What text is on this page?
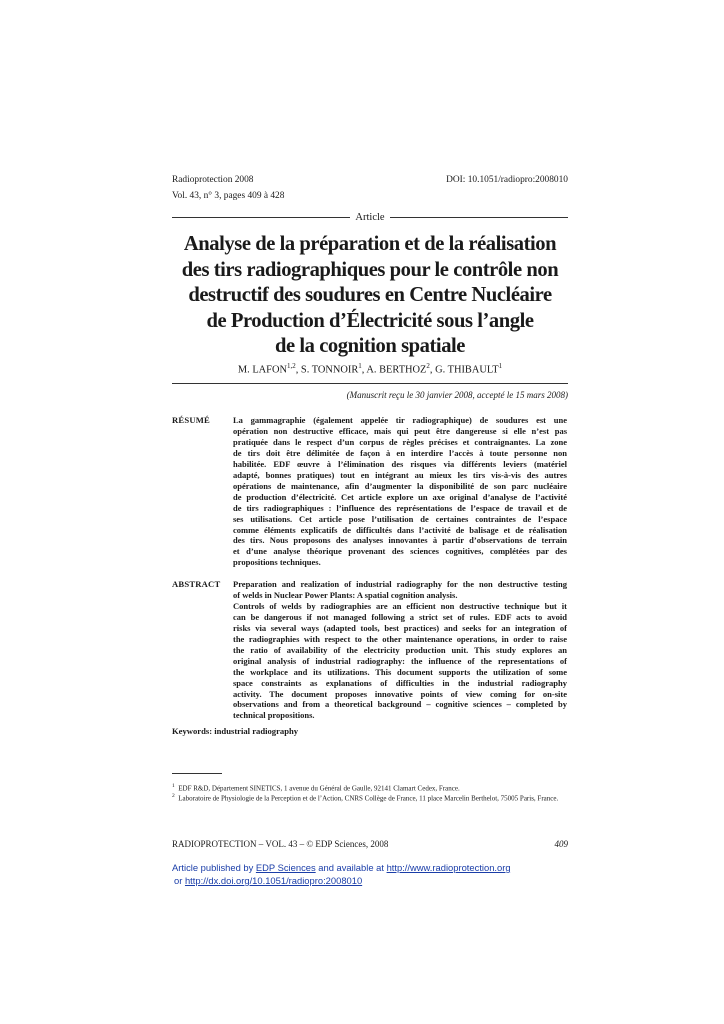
Radioprotection 2008
Vol. 43, n° 3, pages 409 à 428
DOI: 10.1051/radiopro:2008010
Article
Analyse de la préparation et de la réalisation
des tirs radiographiques pour le contrôle non
destructif des soudures en Centre Nucléaire
de Production d’Électricité sous l’angle
de la cognition spatiale
M. LAFON$^{1,2}$, S. TONNOIR$^1$, A. BERTHOZ$^2$, G. THIBAULT$^1$
(Manuscrit reçu le 30 janvier 2008, accepté le 15 mars 2008)
RÉSUMÉ	La gammagraphie (également appelée tir radiographique) de soudures est une
opération non destructive efficace, mais qui peut être dangereuse si elle n’est pas
pratiquée dans le respect d’un corpus de règles précises et contraignantes. La zone
de tirs doit être délimitée de façon à en interdire l’accès à toute personne non
habilitée. EDF œuvre à l’élimination des risques via différents leviers (matériel
adapté, bonnes pratiques) tout en intégrant au mieux les tirs vis-à-vis des autres
opérations de maintenance, afin d’augmenter la disponibilité de son parc nucléaire
de production d’électricité. Cet article explore un axe original d’analyse de l’activité
de tirs radiographiques : l’influence des représentations de l’espace de travail et de
ses utilisations. Cet article pose l’utilisation de certaines contraintes de l’espace
comme éléments explicatifs de difficultés dans l’activité de balisage et de réalisation
des tirs. Nous proposons des analyses innovantes à partir d’observations de terrain
et d’une analyse théorique provenant des sciences cognitives, complétées par des
propositions techniques.
ABSTRACT Preparation and realization of industrial radiography for the non destructive testing
of welds in Nuclear Power Plants: A spatial cognition analysis.
Controls of welds by radiographies are an efficient non destructive technique but it
can be dangerous if not managed following a strict set of rules. EDF acts to avoid
risks via several ways (adapted tools, best practices) and seeks for an integration of
the radiographies with respect to the other maintenance operations, in order to raise
the ratio of availability of the electricity production unit. This study explores an
original analysis of industrial radiography: the influence of the representations of
the workplace and its utilizations. This document supports the utilization of some
space constraints as explanations of difficulties in the industrial radiography
activity. The document proposes innovative points of view coming for on-site
observations and from a theoretical background – cognitive sciences – completed by
technical propositions.
Keywords: industrial radiography

$^1$ EDF R&D, Département SINETICS, 1 avenue du Général de Gaulle, 92141 Clamart Cedex, France.

$^2$ Laboratoire de Physiologie de la Perception et de l’Action, CNRS Collège de France, 11 place Marcelin Berthelot, 75005 Paris, France.

RADIOPROTECTION – VOL. 43 – © EDP Sciences, 2008	409
Article published by EDP Sciences and available at http://www.radioprotection.org
or http://dx.doi.org/10.1051/radiopro:2008010
